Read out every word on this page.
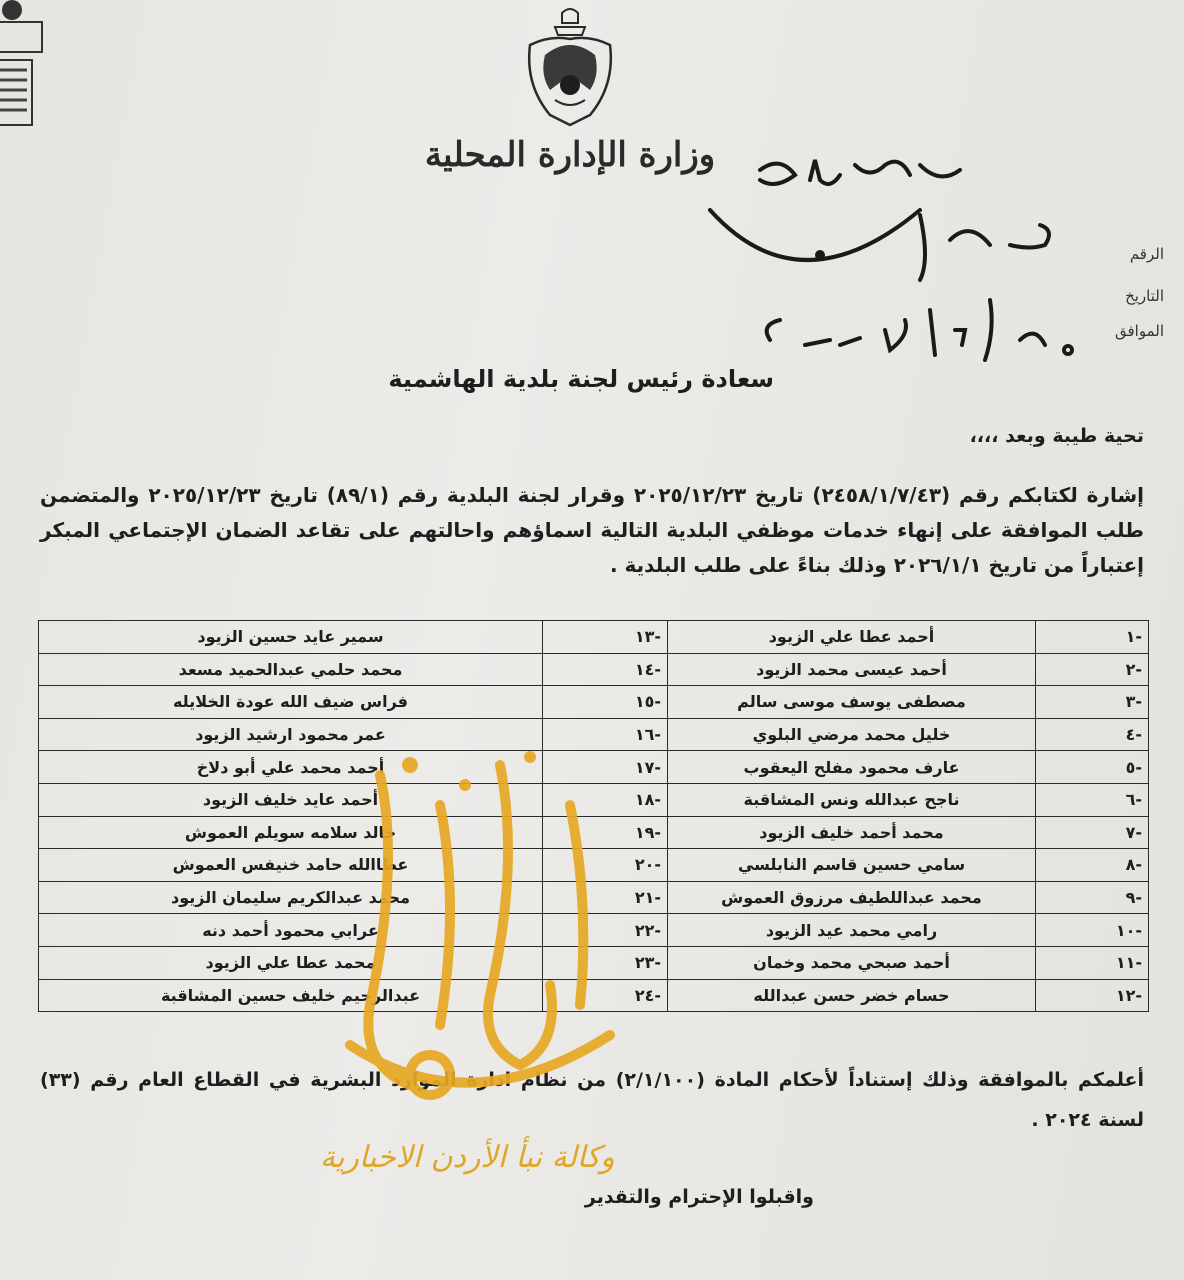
وزارة الإدارة المحلية
الرقم
التاريخ
الموافق
سعادة رئيس لجنة بلدية الهاشمية
تحية طيبة وبعد ،،،،
إشارة لكتابكم رقم (٢٤٥٨/١/٧/٤٣) تاريخ ٢٠٢٥/١٢/٢٣ وقرار لجنة البلدية رقم (٨٩/١) تاريخ ٢٠٢٥/١٢/٢٣ والمتضمن طلب الموافقة على إنهاء خدمات موظفي البلدية التالية اسماؤهم واحالتهم على تقاعد الضمان الإجتماعي المبكر إعتباراً من تاريخ ٢٠٢٦/١/١ وذلك بناءً على طلب البلدية .
-١	أحمد عطا علي الزيود	-١٣	سمير عايد حسين الزيود
-٢	أحمد عيسى محمد الزيود	-١٤	محمد حلمي عبدالحميد مسعد
-٣	مصطفى يوسف موسى سالم	-١٥	فراس ضيف الله عودة الخلايله
-٤	خليل محمد مرضي البلوي	-١٦	عمر محمود ارشيد الزيود
-٥	عارف محمود مفلح اليعقوب	-١٧	أحمد محمد علي أبو دلاخ
-٦	ناجح عبدالله ونس المشاقبة	-١٨	أحمد عايد خليف الزيود
-٧	محمد أحمد خليف الزيود	-١٩	خالد سلامه سويلم العموش
-٨	سامي حسين قاسم النابلسي	-٢٠	عطاالله حامد خنيفس العموش
-٩	محمد عبداللطيف مرزوق العموش	-٢١	محمد عبدالكريم سليمان الزيود
-١٠	رامي محمد عيد الزيود	-٢٢	عرابي محمود أحمد دنه
-١١	أحمد صبحي محمد وخمان	-٢٣	محمد عطا علي الزيود
-١٢	حسام خضر حسن عبدالله	-٢٤	عبدالرحيم خليف حسين المشاقبة
أعلمكم بالموافقة وذلك إستناداً لأحكام المادة (٢/١/١٠٠) من نظام ادارة الموارد البشرية في القطاع العام رقم (٣٣) لسنة ٢٠٢٤ .
واقبلوا الإحترام والتقدير
وكالة نبأ الأردن الاخبارية
